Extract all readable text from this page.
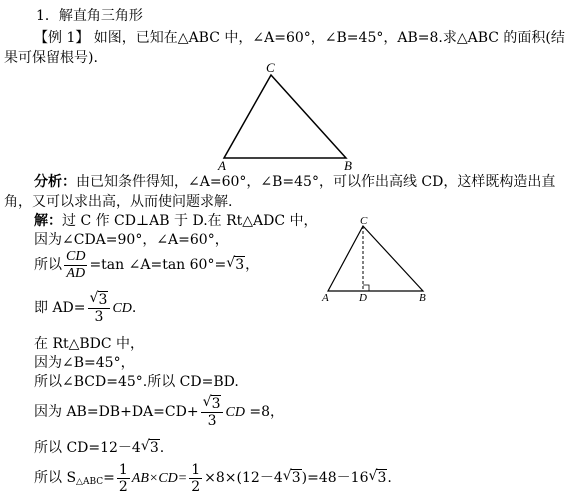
1．解直角三角形
【例 1】 如图，已知在△ABC 中，∠A=60°，∠B=45°，AB=8.求△ABC 的面积(结
果可保留根号).
A	B
C
分析：由已知条件得知，∠A=60°，∠B=45°，可以作出高线 CD，这样既构造出直
角，又可以求出高，从而使问题求解.
解：过 C 作 CD⊥AB 于 D.在 Rt△ADC 中，
因为∠CDA=90°，∠A=60°，
所以 $\frac{CD}{AD} =\tan$ ∠A=tan 60°= √ 3，
即 $AD= \frac{√ 3}{3}$ CD.
在 Rt△BDC 中，
因为∠B=45°，
所以∠BCD=45°.所以 CD=BD.
因为 $AB=DB+DA=CD+ \frac{√ 3}{3}$ CD =8，
所以 CD=12－4 √ 3.
所以 $S_{\triangle ABC}= \frac{1}{2} AB\times CD= \frac{1}{2} \times 8\times(12-4$ √ 3)=48－16 √ 3.
A	B
C
D
